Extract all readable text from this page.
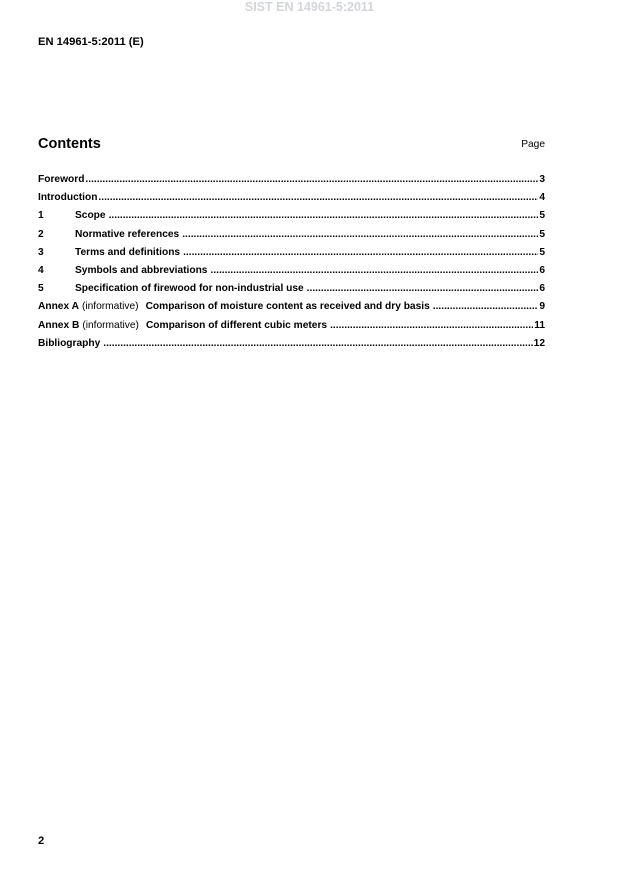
SIST EN 14961-5:2011
EN 14961-5:2011 (E)
Contents	Page
Foreword .....	3
Introduction .....	4
1	Scope .....	5
2	Normative references .....	5
3	Terms and definitions .....	5
4	Symbols and abbreviations .....	6
5	Specification of firewood for non-industrial use .....	6
Annex A (informative) Comparison of moisture content as received and dry basis .....	9
Annex B (informative) Comparison of different cubic meters .....	11
Bibliography .....	12
2
